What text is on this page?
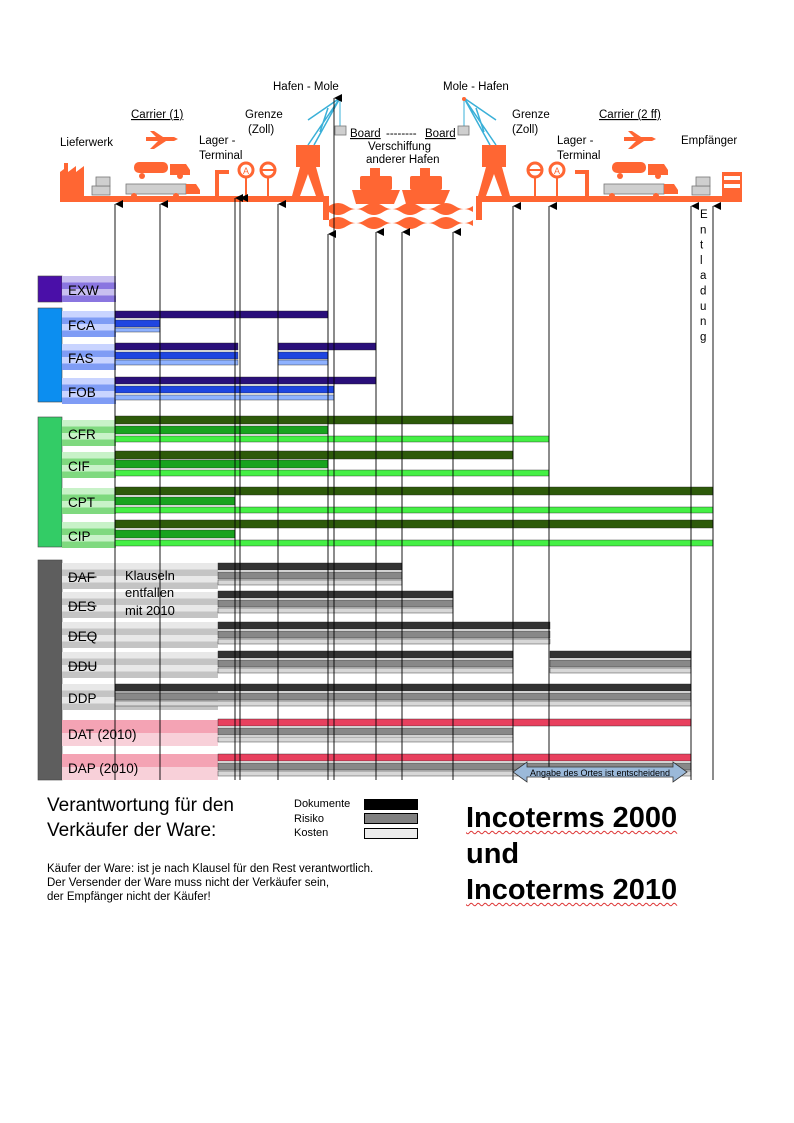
A	A
Lieferwerk
Carrier (1)
Lager -
Terminal
Grenze
(Zoll)
Hafen - Mole
Board -------- Board
Verschiffung
anderer Hafen
Mole - Hafen
Grenze
(Zoll)
Lager -
Terminal
Carrier (2 ff)
Empfänger
E
n
t
l
a
d
u
n
g
EXW
FCA
FAS
FOB
CFR
CIF
CPT
CIP
DAF
DES
DEQ
DDU
DDP
DAT (2010)
DAP (2010)
Klauseln
entfallen
mit 2010
Angabe des Ortes ist entscheidend
Verantwortung für den
Verkäufer der Ware:
Dokumente
Risiko
Kosten
Käufer der Ware: ist je nach Klausel für den Rest verantwortlich.
Der Versender der Ware muss nicht der Verkäufer sein,
der Empfänger nicht der Käufer!
Incoterms 2000
und
Incoterms 2010
